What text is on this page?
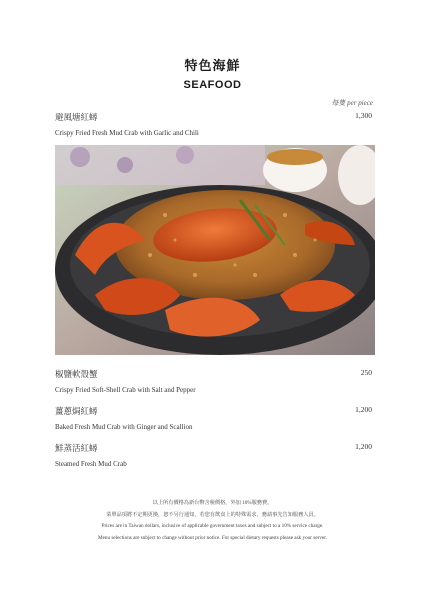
特色海鮮
SEAFOOD
每隻 per piece
避風塘紅蟳
Crispy Fried Fresh Mud Crab with Garlic and Chili
1,300
椒鹽軟殼蟹
Crispy Fried Soft-Shell Crab with Salt and Pepper
250
薑蔥焗紅蟳
Baked Fresh Mud Crab with Ginger and Scallion
1,200
鮮蒸活紅蟳
Steamed Fresh Mud Crab
1,200
以上所有價格為新台幣含稅價格，外加 10%服務費。
菜單品項將不定期更換，恕不另行通知，若您有飲食上的特殊需求，務請事先告知服務人員。
Prices are in Taiwan dollars, inclusive of applicable government taxes and subject to a 10% service charge.
Menu selections are subject to change without prior notice. For special dietary requests please ask your server.
